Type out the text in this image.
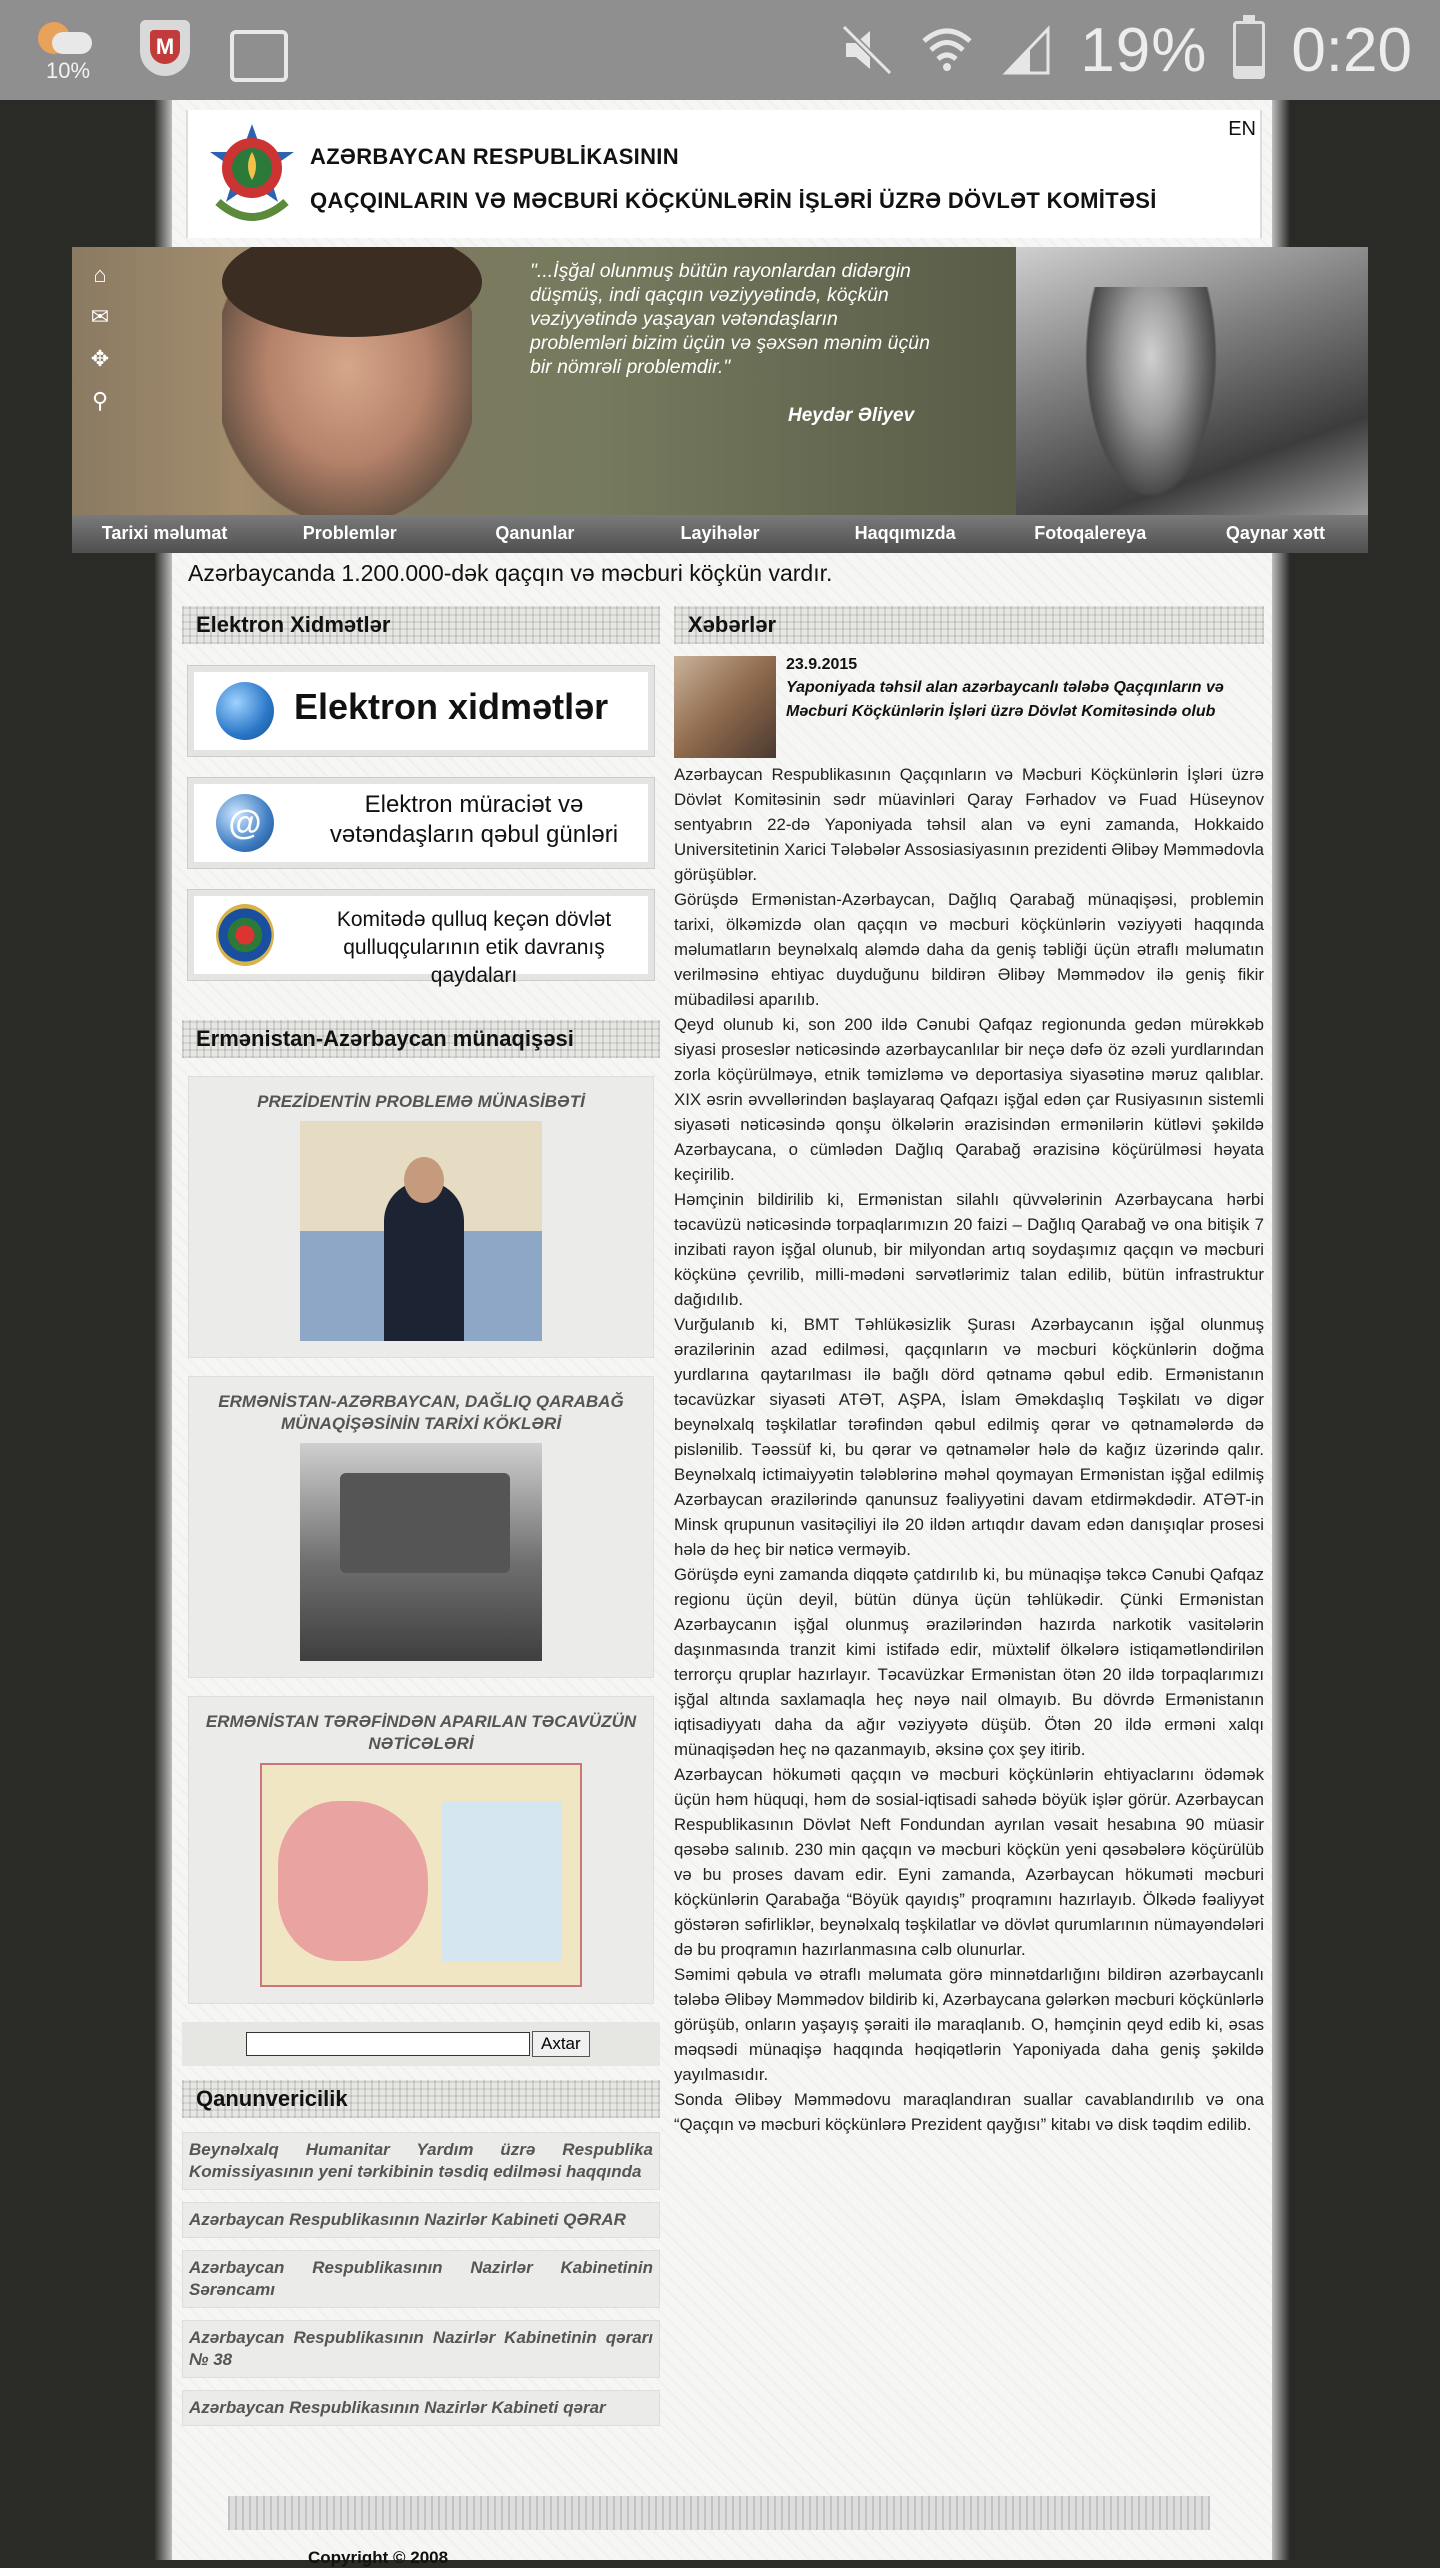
10%
M	19% 0:20
AZƏRBAYCAN RESPUBLİKASININ
QAÇQINLARIN VƏ MƏCBURİ KÖÇKÜNLƏRİN İŞLƏRİ ÜZRƏ DÖVLƏT KOMİTƏSİ
EN
Azərbaycanda 1.200.000-dək qaçqın və məcburi köçkün vardır.
Elektron Xidmətlər
Elektron xidmətlər
@	Elektron müraciət və vətəndaşların qəbul günləri
Komitədə qulluq keçən dövlət qulluqçularının etik davranış qaydaları
Ermənistan-Azərbaycan münaqişəsi
PREZİDENTİN PROBLEMƏ MÜNASİBƏTİ
ERMƏNİSTAN-AZƏRBAYCAN, DAĞLIQ QARABAĞ MÜNAQİŞƏSİNİN TARİXİ KÖKLƏRİ
ERMƏNİSTAN TƏRƏFİNDƏN APARILAN TƏCAVÜZÜN NƏTİCƏLƏRİ
Axtar
Qanunvericilik
Beynəlxalq Humanitar Yardım üzrə Respublika Komissiyasının yeni tərkibinin təsdiq edilməsi haqqında
Azərbaycan Respublikasının Nazirlər Kabineti QƏRAR
Azərbaycan Respublikasının Nazirlər Kabinetinin Sərəncamı
Azərbaycan Respublikasının Nazirlər Kabinetinin qərarı № 38
Azərbaycan Respublikasının Nazirlər Kabineti qərar
Xəbərlər
23.9.2015
Yaponiyada təhsil alan azərbaycanlı tələbə Qaçqınların və Məcburi Köçkünlərin İşləri üzrə Dövlət Komitəsində olub

Azərbaycan Respublikasının Qaçqınların və Məcburi Köçkünlərin İşləri üzrə Dövlət Komitəsinin sədr müavinləri Qaray Fərhadov və Fuad Hüseynov sentyabrın 22-də Yaponiyada təhsil alan və eyni zamanda, Hokkaido Universitetinin Xarici Tələbələr Assosiasiyasının prezidenti Əlibəy Məmmədovla görüşüblər.

Görüşdə Ermənistan-Azərbaycan, Dağlıq Qarabağ münaqişəsi, problemin tarixi, ölkəmizdə olan qaçqın və məcburi köçkünlərin vəziyyəti haqqında məlumatların beynəlxalq aləmdə daha da geniş təbliği üçün ətraflı məlumatın verilməsinə ehtiyac duyduğunu bildirən Əlibəy Məmmədov ilə geniş fikir mübadiləsi aparılıb.

Qeyd olunub ki, son 200 ildə Cənubi Qafqaz regionunda gedən mürəkkəb siyasi proseslər nəticəsində azərbaycanlılar bir neçə dəfə öz əzəli yurdlarından zorla köçürülməyə, etnik təmizləmə və deportasiya siyasətinə məruz qalıblar. XIX əsrin əvvəllərindən başlayaraq Qafqazı işğal edən çar Rusiyasının sistemli siyasəti nəticəsində qonşu ölkələrin ərazisindən ermənilərin kütləvi şəkildə Azərbaycana, o cümlədən Dağlıq Qarabağ ərazisinə köçürülməsi həyata keçirilib.

Həmçinin bildirilib ki, Ermənistan silahlı qüvvələrinin Azərbaycana hərbi təcavüzü nəticəsində torpaqlarımızın 20 faizi – Dağlıq Qarabağ və ona bitişik 7 inzibati rayon işğal olunub, bir milyondan artıq soydaşımız qaçqın və məcburi köçkünə çevrilib, milli-mədəni sərvətlərimiz talan edilib, bütün infrastruktur dağıdılıb.

Vurğulanıb ki, BMT Təhlükəsizlik Şurası Azərbaycanın işğal olunmuş ərazilərinin azad edilməsi, qaçqınların və məcburi köçkünlərin doğma yurdlarına qaytarılması ilə bağlı dörd qətnamə qəbul edib. Ermənistanın təcavüzkar siyasəti ATƏT, AŞPA, İslam Əməkdaşlıq Təşkilatı və digər beynəlxalq təşkilatlar tərəfindən qəbul edilmiş qərar və qətnamələrdə də pislənilib. Təəssüf ki, bu qərar və qətnamələr hələ də kağız üzərində qalır. Beynəlxalq ictimaiyyətin tələblərinə məhəl qoymayan Ermənistan işğal edilmiş Azərbaycan ərazilərində qanunsuz fəaliyyətini davam etdirməkdədir. ATƏT-in Minsk qrupunun vasitəçiliyi ilə 20 ildən artıqdır davam edən danışıqlar prosesi hələ də heç bir nəticə verməyib.

Görüşdə eyni zamanda diqqətə çatdırılıb ki, bu münaqişə təkcə Cənubi Qafqaz regionu üçün deyil, bütün dünya üçün təhlükədir. Çünki Ermənistan Azərbaycanın işğal olunmuş ərazilərindən hazırda narkotik vasitələrin daşınmasında tranzit kimi istifadə edir, müxtəlif ölkələrə istiqamətləndirilən terrorçu qruplar hazırlayır. Təcavüzkar Ermənistan ötən 20 ildə torpaqlarımızı işğal altında saxlamaqla heç nəyə nail olmayıb. Bu dövrdə Ermənistanın iqtisadiyyatı daha da ağır vəziyyətə düşüb. Ötən 20 ildə erməni xalqı münaqişədən heç nə qazanmayıb, əksinə çox şey itirib.

Azərbaycan hökuməti qaçqın və məcburi köçkünlərin ehtiyaclarını ödəmək üçün həm hüquqi, həm də sosial-iqtisadi sahədə böyük işlər görür. Azərbaycan Respublikasının Dövlət Neft Fondundan ayrılan vəsait hesabına 90 müasir qəsəbə salınıb. 230 min qaçqın və məcburi köçkün yeni qəsəbələrə köçürülüb və bu proses davam edir. Eyni zamanda, Azərbaycan hökuməti məcburi köçkünlərin Qarabağa “Böyük qayıdış” proqramını hazırlayıb. Ölkədə fəaliyyət göstərən səfirliklər, beynəlxalq təşkilatlar və dövlət qurumlarının nümayəndələri də bu proqramın hazırlanmasına cəlb olunurlar.

Səmimi qəbula və ətraflı məlumata görə minnətdarlığını bildirən azərbaycanlı tələbə Əlibəy Məmmədov bildirib ki, Azərbaycana gələrkən məcburi köçkünlərlə görüşüb, onların yaşayış şəraiti ilə maraqlanıb. O, həmçinin qeyd edib ki, əsas məqsədi münaqişə haqqında həqiqətlərin Yaponiyada daha geniş şəkildə yayılmasıdır.

Sonda Əlibəy Məmmədovu maraqlandıran suallar cavablandırılıb və ona “Qaçqın və məcburi köçkünlərə Prezident qayğısı” kitabı və disk təqdim edilib.

Copyright © 2008
⌂
✉
✥
⚲
"...İşğal olunmuş bütün rayonlardan didərgin düşmüş, indi qaçqın vəziyyətində, köçkün vəziyyətində yaşayan vətəndaşların problemləri bizim üçün və şəxsən mənim üçün bir nömrəli problemdir."
Heydər Əliyev
Tarixi məlumat	Problemlər	Qanunlar	Layihələr	Haqqımızda	Fotoqalereya	Qaynar xətt
